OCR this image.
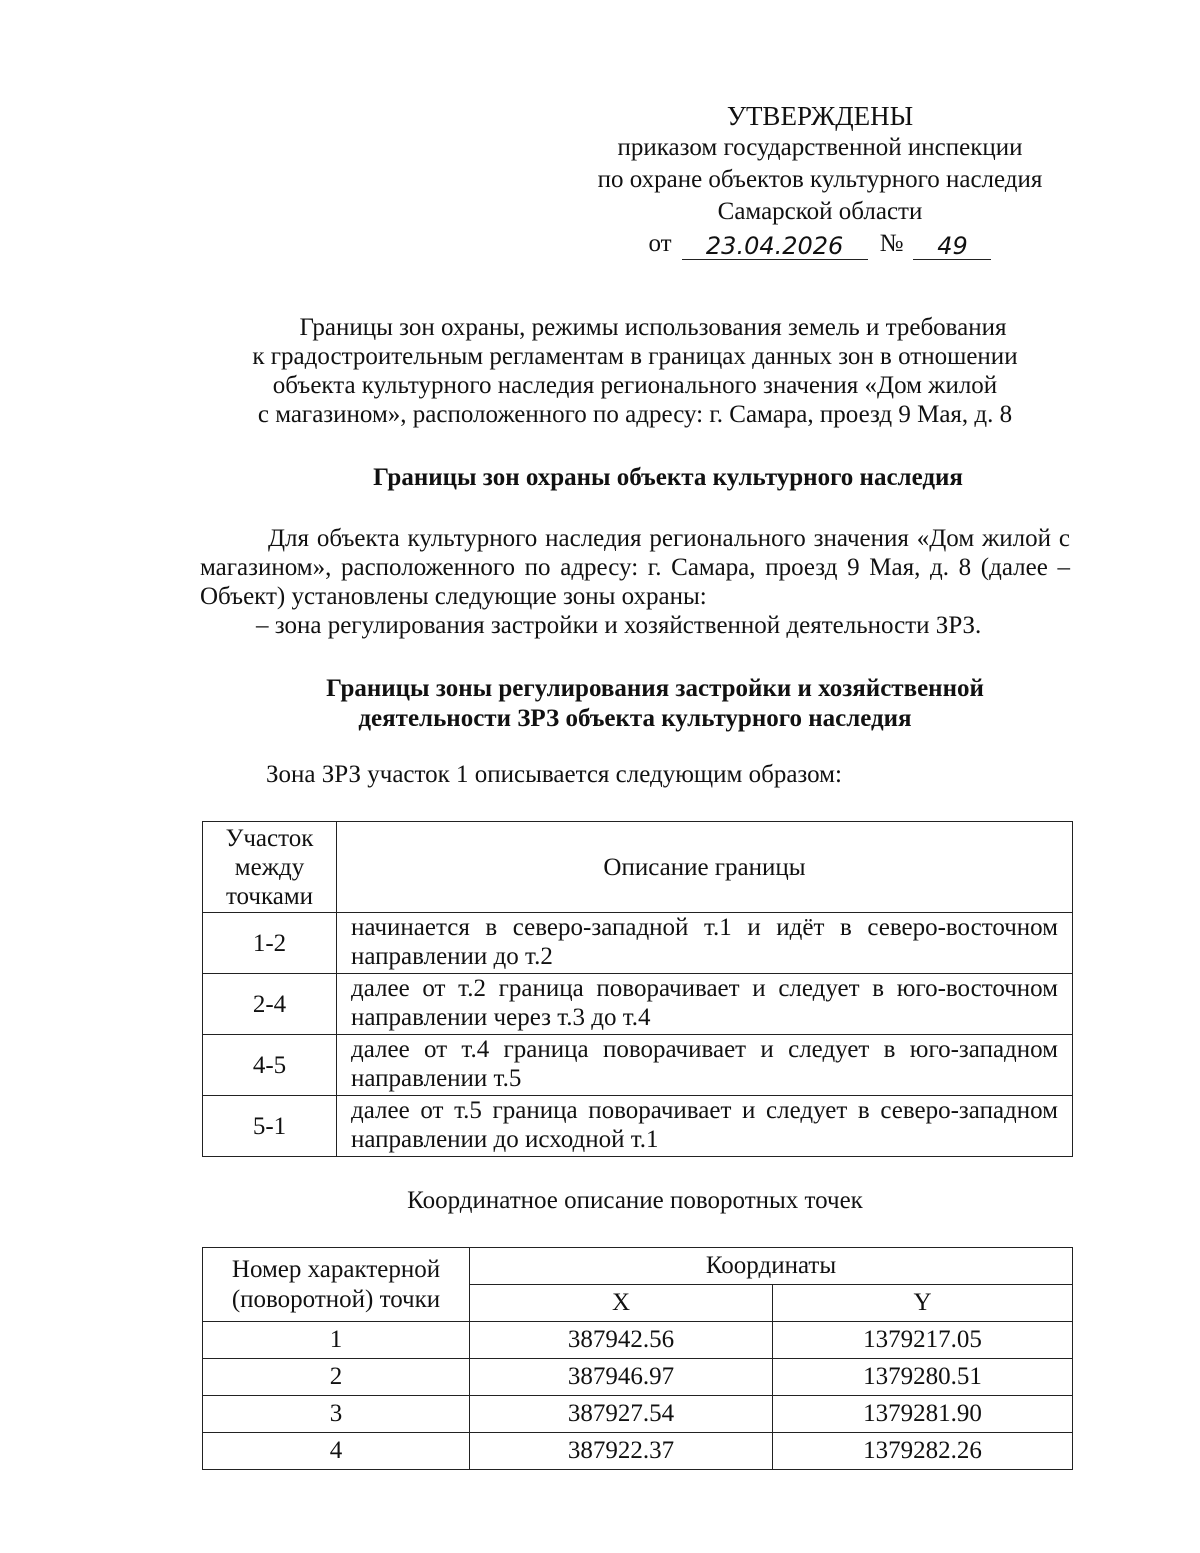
УТВЕРЖДЕНЫ
приказом государственной инспекции
по охране объектов культурного наследия
Самарской области
от	23.04.2026	№	49
Границы зон охраны, режимы использования земель и требования
к градостроительным регламентам в границах данных зон в отношении
объекта культурного наследия регионального значения «Дом жилой
с магазином», расположенного по адресу: г. Самара, проезд 9 Мая, д. 8
Границы зон охраны объекта культурного наследия

Для объекта культурного наследия регионального значения «Дом жилой с магазином», расположенного по адресу: г. Самара, проезд 9 Мая, д. 8 (далее – Объект) установлены следующие зоны охраны:

– зона регулирования застройки и хозяйственной деятельности ЗРЗ.

Границы зоны регулирования застройки и хозяйственной
деятельности ЗРЗ объекта культурного наследия
Зона ЗРЗ участок 1 описывается следующим образом:
Участок
между
точками	Описание границы
1-2	начинается в северо-западной т.1 и идёт в северо-восточном направлении до т.2
2-4	далее от т.2 граница поворачивает и следует в юго-восточном направлении через т.3 до т.4
4-5	далее от т.4 граница поворачивает и следует в юго-западном направлении т.5
5-1	далее от т.5 граница поворачивает и следует в северо-западном направлении до исходной т.1
Координатное описание поворотных точек
Номер характерной
(поворотной) точки	Координаты	
	X	Y
1	387942.56	1379217.05
2	387946.97	1379280.51
3	387927.54	1379281.90
4	387922.37	1379282.26
